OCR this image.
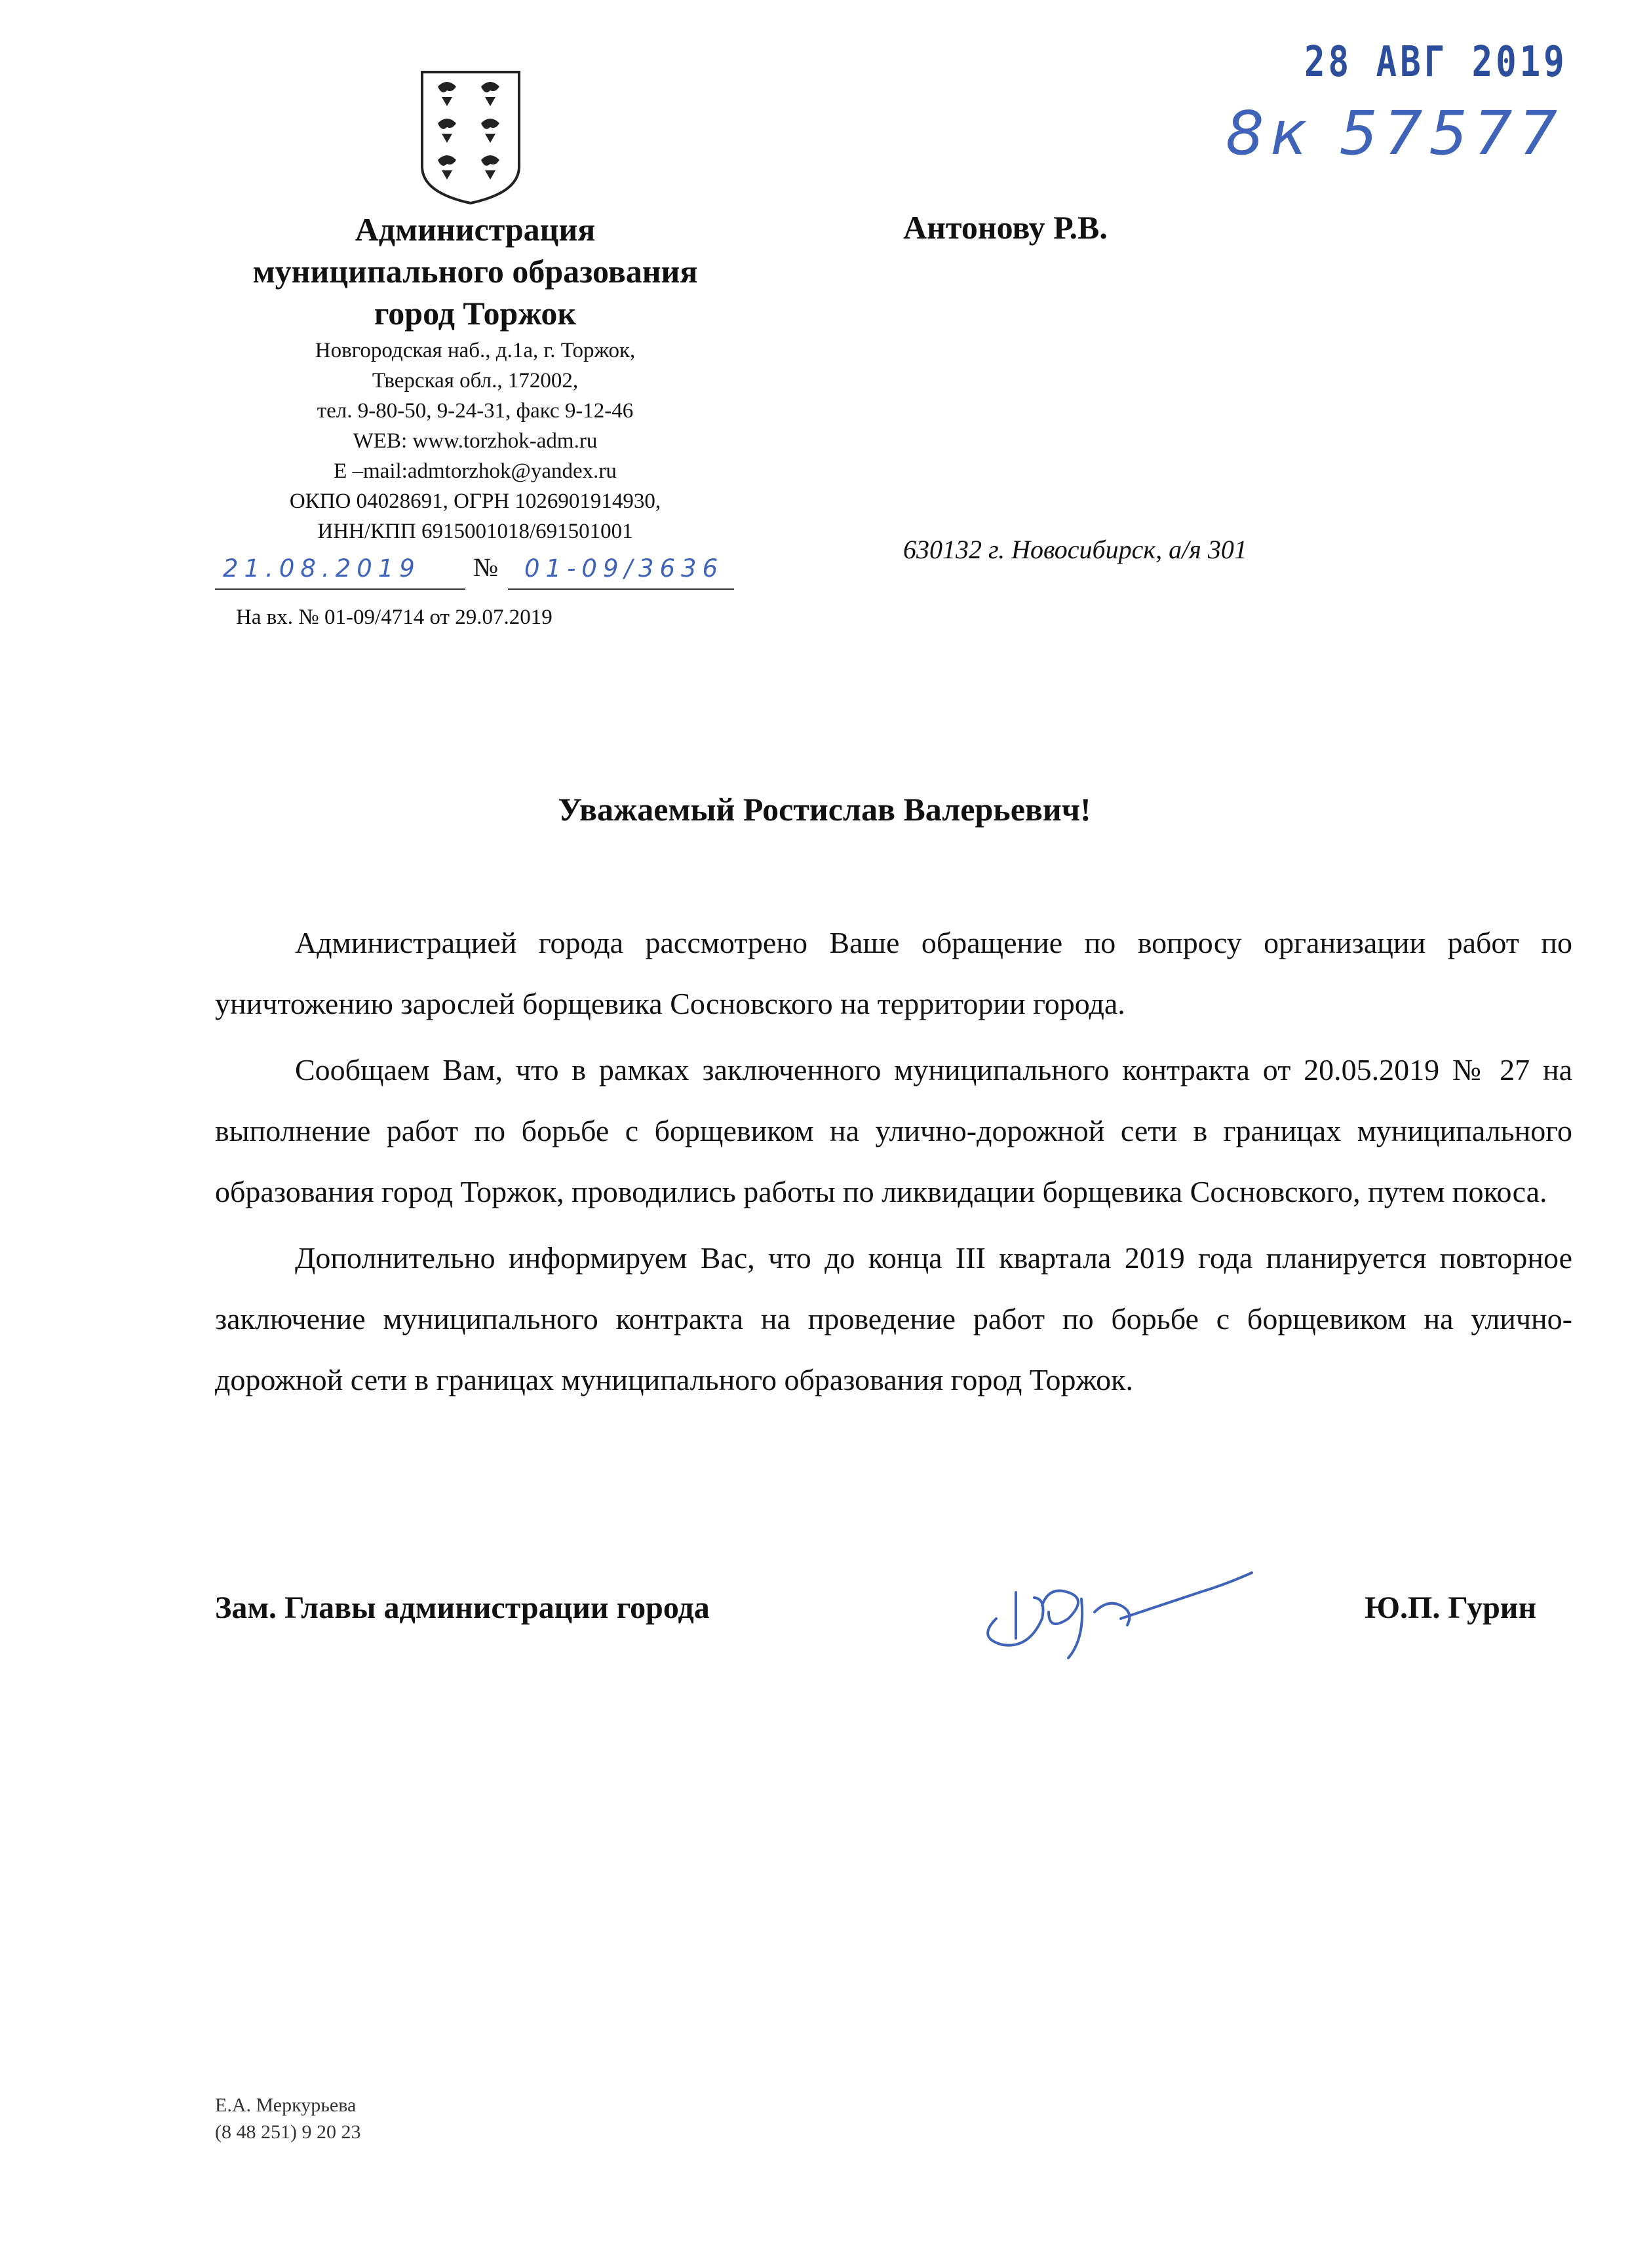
28 АВГ 2019
8к 57577
Администрация
муниципального образования
город Торжок
Новгородская наб., д.1а, г. Торжок,
Тверская обл., 172002,
тел. 9-80-50, 9-24-31, факс 9-12-46
WEB: www.torzhok-adm.ru
E –mail:admtorzhok@yandex.ru
ОКПО 04028691, ОГРН 1026901914930,
ИНН/КПП 6915001018/691501001
21.08.2019 № 01-09/3636
На вх. № 01-09/4714 от 29.07.2019
Антонову Р.В.
630132 г. Новосибирск, а/я 301
Уважаемый Ростислав Валерьевич!

Администрацией города рассмотрено Ваше обращение по вопросу организации работ по уничтожению зарослей борщевика Сосновского на территории города.

Сообщаем Вам, что в рамках заключенного муниципального контракта от 20.05.2019 № 27 на выполнение работ по борьбе с борщевиком на улично-дорожной сети в границах муниципального образования город Торжок, проводились работы по ликвидации борщевика Сосновского, путем покоса.

Дополнительно информируем Вас, что до конца III квартала 2019 года планируется повторное заключение муниципального контракта на проведение работ по борьбе с борщевиком на улично-дорожной сети в границах муниципального образования город Торжок.

Зам. Главы администрации города	Ю.П. Гурин
Е.А. Меркурьева
(8 48 251) 9 20 23
